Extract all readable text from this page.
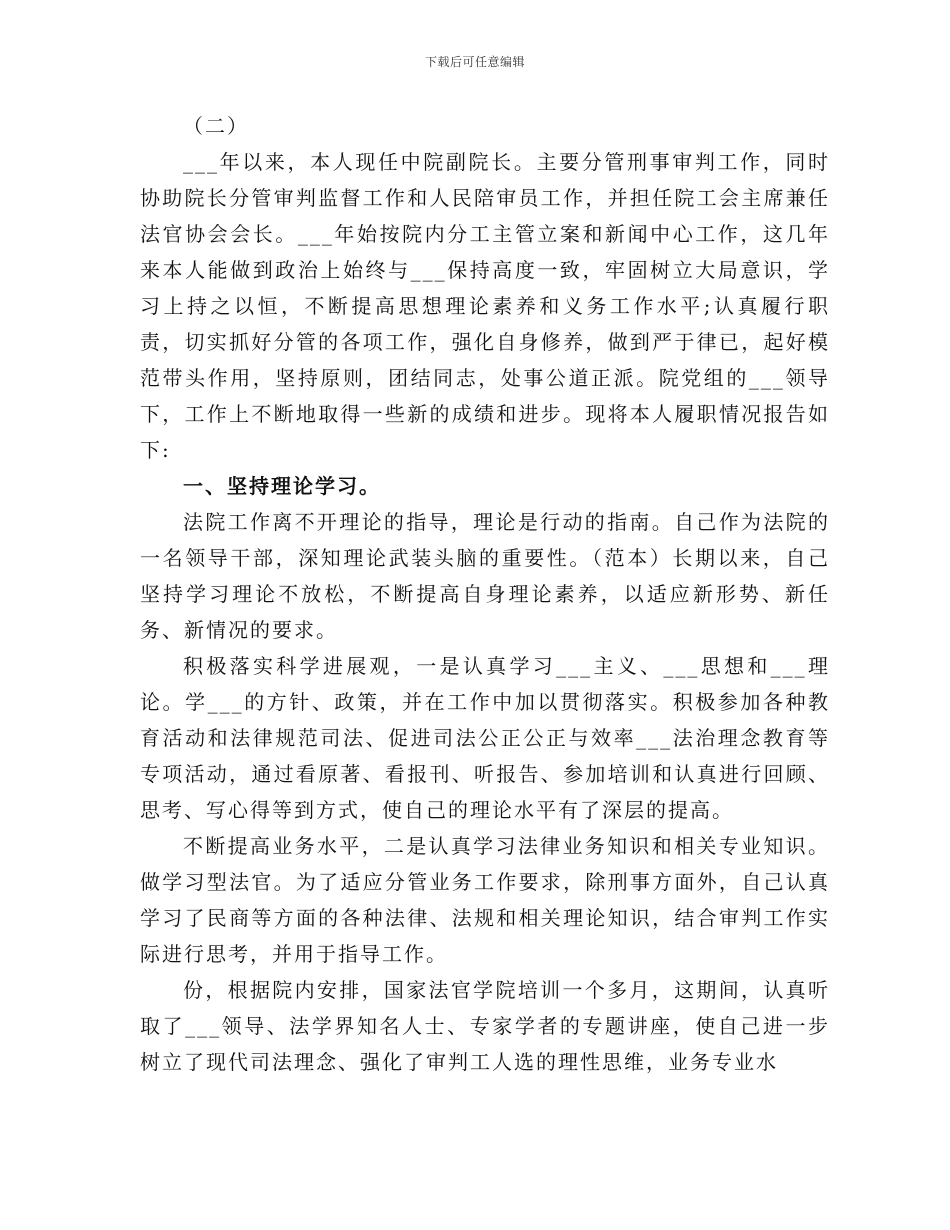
下载后可任意编辑

（二）

___年以来，本人现任中院副院长。主要分管刑事审判工作，同时协助院长分管审判监督工作和人民陪审员工作，并担任院工会主席兼任法官协会会长。___年始按院内分工主管立案和新闻中心工作，这几年来本人能做到政治上始终与___保持高度一致，牢固树立大局意识，学习上持之以恒，不断提高思想理论素养和义务工作水平;认真履行职责，切实抓好分管的各项工作，强化自身修养，做到严于律已，起好模范带头作用，坚持原则，团结同志，处事公道正派。院党组的___领导下，工作上不断地取得一些新的成绩和进步。现将本人履职情况报告如下:

一、坚持理论学习。

法院工作离不开理论的指导，理论是行动的指南。自己作为法院的一名领导干部，深知理论武装头脑的重要性。（范本）长期以来，自己坚持学习理论不放松，不断提高自身理论素养，以适应新形势、新任务、新情况的要求。

积极落实科学进展观，一是认真学习___主义、___思想和___理论。学___的方针、政策，并在工作中加以贯彻落实。积极参加各种教育活动和法律规范司法、促进司法公正公正与效率___法治理念教育等专项活动，通过看原著、看报刊、听报告、参加培训和认真进行回顾、思考、写心得等到方式，使自己的理论水平有了深层的提高。

不断提高业务水平，二是认真学习法律业务知识和相关专业知识。做学习型法官。为了适应分管业务工作要求，除刑事方面外，自己认真学习了民商等方面的各种法律、法规和相关理论知识，结合审判工作实际进行思考，并用于指导工作。

份，根据院内安排，国家法官学院培训一个多月，这期间，认真听取了___领导、法学界知名人士、专家学者的专题讲座，使自己进一步树立了现代司法理念、强化了审判工人选的理性思维，业务专业水
